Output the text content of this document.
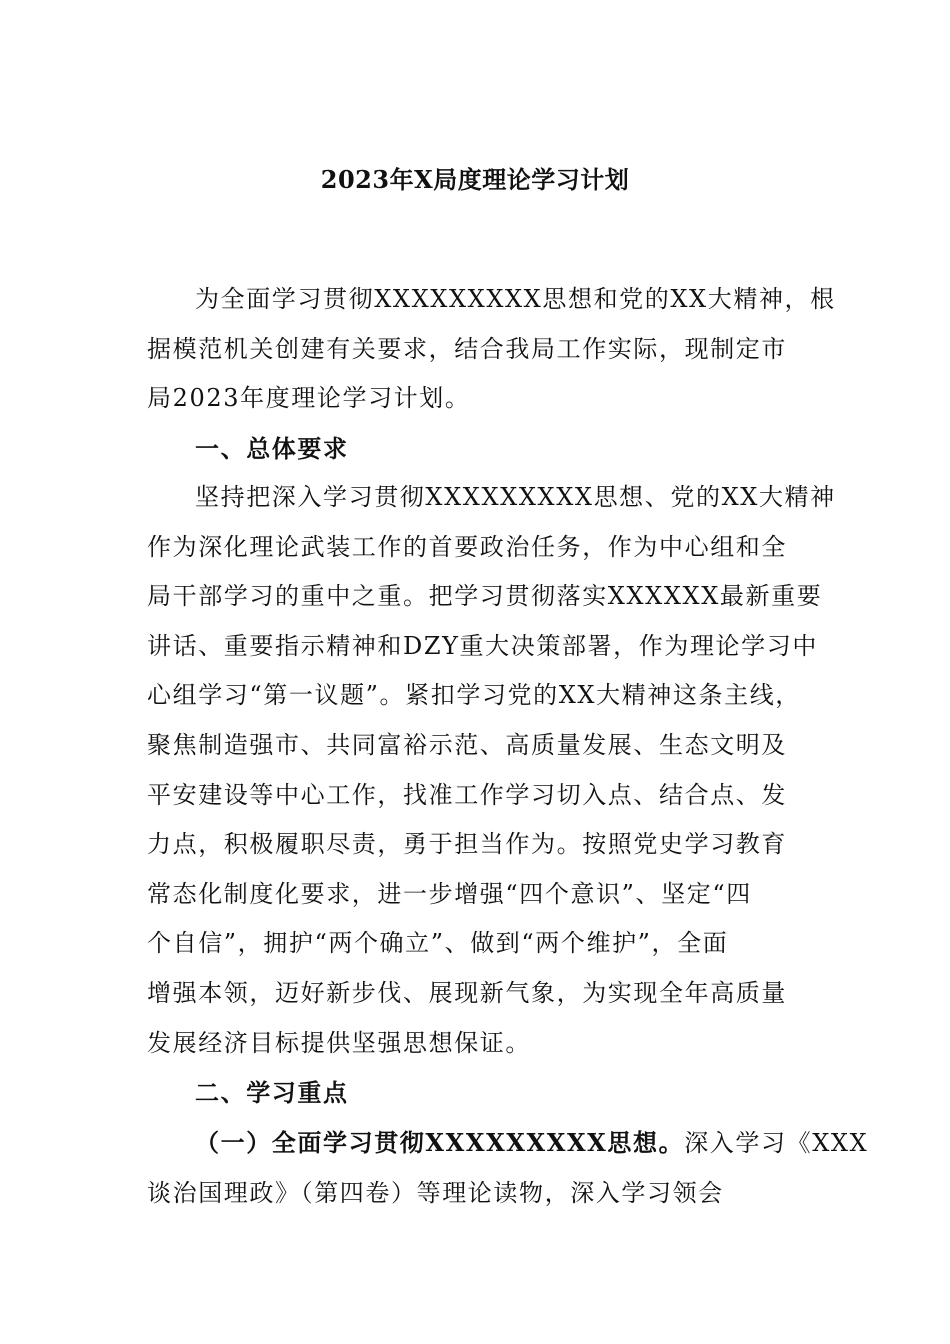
2023年X局度理论学习计划
为全面学习贯彻XXXXXXXXX思想和党的XX大精神，根
据模范机关创建有关要求，结合我局工作实际，现制定市
局2023年度理论学习计划。
一、总体要求
坚持把深入学习贯彻XXXXXXXXX思想、党的XX大精神
作为深化理论武装工作的首要政治任务，作为中心组和全
局干部学习的重中之重。把学习贯彻落实XXXXXX最新重要
讲话、重要指示精神和DZY重大决策部署，作为理论学习中
心组学习“第一议题”。紧扣学习党的XX大精神这条主线，
聚焦制造强市、共同富裕示范、高质量发展、生态文明及
平安建设等中心工作，找准工作学习切入点、结合点、发
力点，积极履职尽责，勇于担当作为。按照党史学习教育
常态化制度化要求，进一步增强“四个意识”、坚定“四
个自信”，拥护“两个确立”、做到“两个维护”，全面
增强本领，迈好新步伐、展现新气象，为实现全年高质量
发展经济目标提供坚强思想保证。
二、学习重点
（一）全面学习贯彻XXXXXXXXX思想。深入学习《XXX
谈治国理政》（第四卷）等理论读物，深入学习领会
